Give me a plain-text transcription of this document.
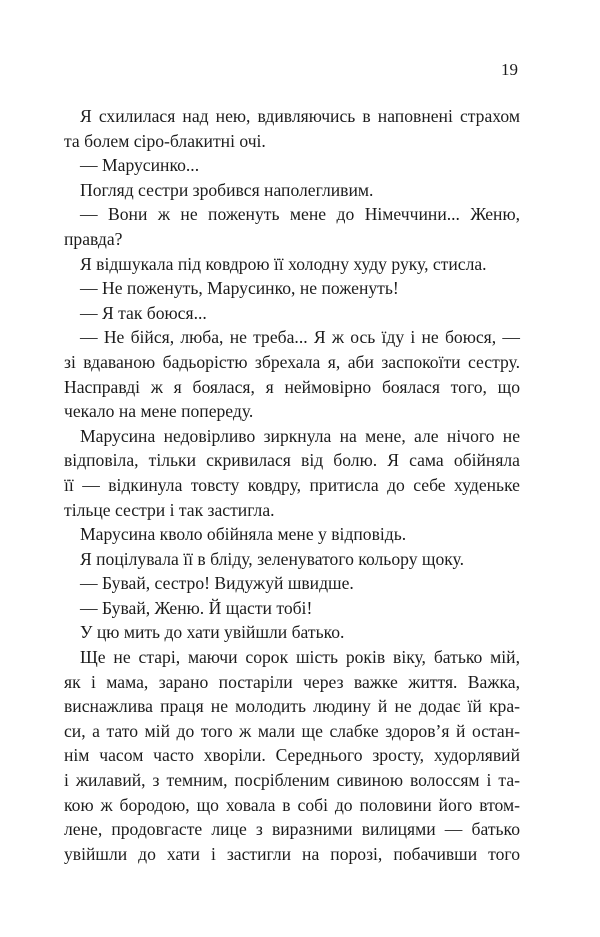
19
Я схилилася над нею, вдивляючись в наповнені страхом
та болем сіро-блакитні очі.
— Марусинко...
Погляд сестри зробився наполегливим.
— Вони ж не поженуть мене до Німеччини... Женю,
правда?
Я відшукала під ковдрою її холодну худу руку, стисла.
— Не поженуть, Марусинко, не поженуть!
— Я так боюся...
— Не бійся, люба, не треба... Я ж ось їду і не боюся, —
зі вдаваною бадьорістю збрехала я, аби заспокоїти сестру.
Насправді ж я боялася, я неймовірно боялася того, що
чекало на мене попереду.
Марусина недовірливо зиркнула на мене, але нічого не
відповіла, тільки скривилася від болю. Я сама обійняла
її — відкинула товсту ковдру, притисла до себе худеньке
тільце сестри і так застигла.
Марусина кволо обійняла мене у відповідь.
Я поцілувала її в бліду, зеленуватого кольору щоку.
— Бувай, сестро! Видужуй швидше.
— Бувай, Женю. Й щасти тобі!
У цю мить до хати увійшли батько.
Ще не старі, маючи сорок шість років віку, батько мій,
як і мама, зарано постаріли через важке життя. Важка,
виснажлива праця не молодить людину й не додає їй кра-
си, а тато мій до того ж мали ще слабке здоров’я й остан-
нім часом часто хворіли. Середнього зросту, худорлявий
і жилавий, з темним, посрібленим сивиною волоссям і та-
кою ж бородою, що ховала в собі до половини його втом-
лене, продовгасте лице з виразними вилицями — батько
увійшли до хати і застигли на порозі, побачивши того
